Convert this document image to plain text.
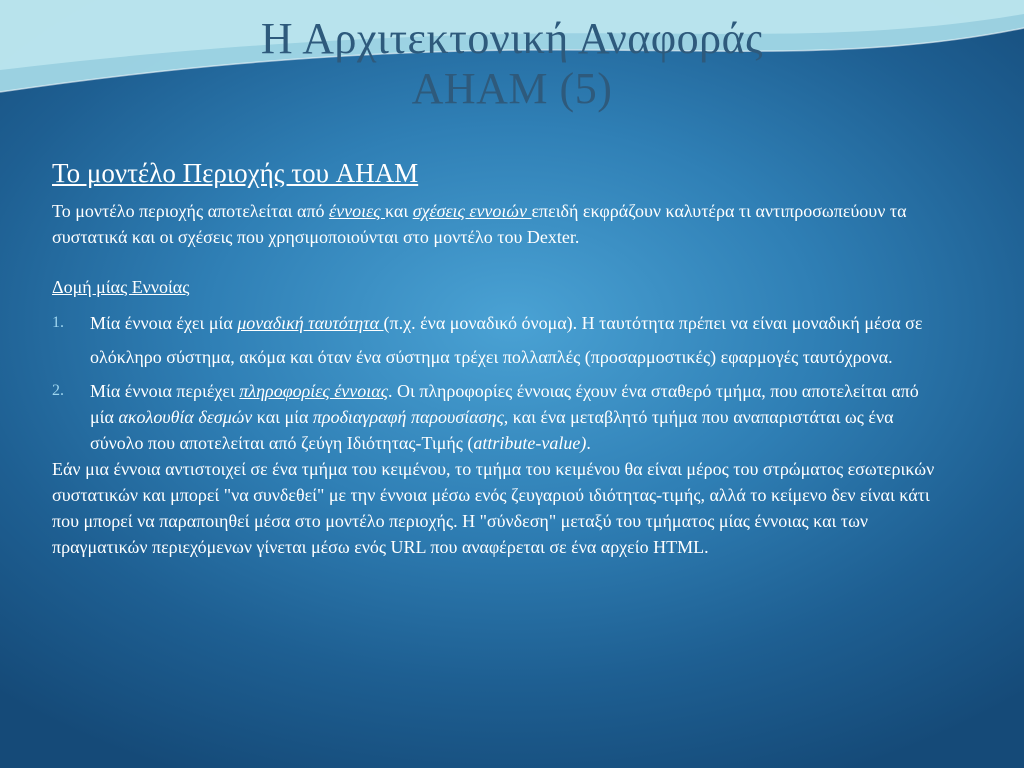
Η Αρχιτεκτονική Αναφοράς
AHAM (5)
Το μοντέλο Περιοχής του AHAM

Το μοντέλο περιοχής αποτελείται από έννοιες και σχέσεις εννοιών επειδή εκφράζουν καλυτέρα τι αντιπροσωπεύουν τα συστατικά και οι σχέσεις που χρησιμοποιούνται στο μοντέλο του Dexter.

Δομή μίας Εννοίας
1. Μία έννοια έχει μία μοναδική ταυτότητα (π.χ. ένα μοναδικό όνομα). Η ταυτότητα πρέπει να είναι μοναδική μέσα σε ολόκληρο σύστημα, ακόμα και όταν ένα σύστημα τρέχει πολλαπλές (προσαρμοστικές) εφαρμογές ταυτόχρονα.
2. Μία έννοια περιέχει πληροφορίες έννοιας. Οι πληροφορίες έννοιας έχουν ένα σταθερό τμήμα, που αποτελείται από μία ακολουθία δεσμών και μία προδιαγραφή παρουσίασης, και ένα μεταβλητό τμήμα που αναπαριστάται ως ένα σύνολο που αποτελείται από ζεύγη Ιδιότητας-Τιμής (attribute-value).

Εάν μια έννοια αντιστοιχεί σε ένα τμήμα του κειμένου, το τμήμα του κειμένου θα είναι μέρος του στρώματος εσωτερικών συστατικών και μπορεί "να συνδεθεί" με την έννοια μέσω ενός ζευγαριού ιδιότητας-τιμής, αλλά το κείμενο δεν είναι κάτι που μπορεί να παραποιηθεί μέσα στο μοντέλο περιοχής. Η "σύνδεση" μεταξύ του τμήματος μίας έννοιας και των πραγματικών περιεχόμενων γίνεται μέσω ενός URL που αναφέρεται σε ένα αρχείο HTML.
